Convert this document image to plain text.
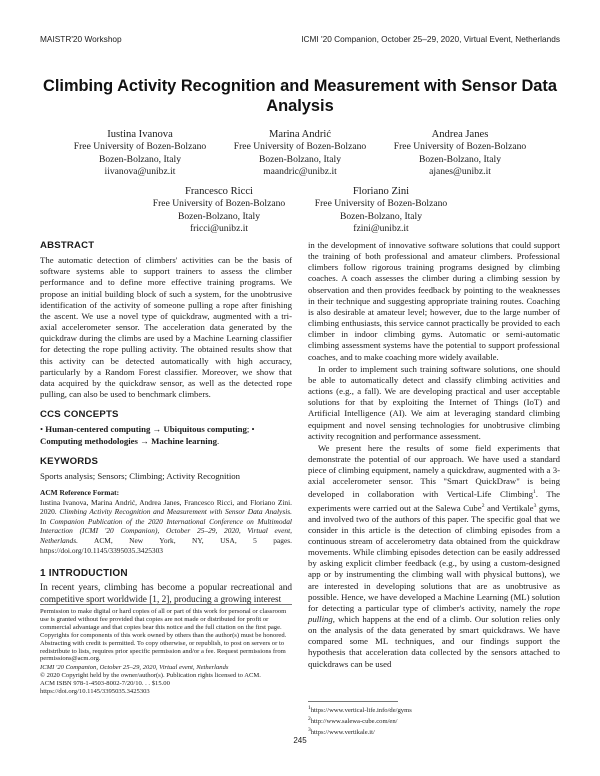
MAISTR'20 Workshop	ICMI '20 Companion, October 25–29, 2020, Virtual Event, Netherlands
Climbing Activity Recognition and Measurement with Sensor Data Analysis
Iustina Ivanova
Free University of Bozen-Bolzano
Bozen-Bolzano, Italy
iivanova@unibz.it
Marina Andrić
Free University of Bozen-Bolzano
Bozen-Bolzano, Italy
maandric@unibz.it
Andrea Janes
Free University of Bozen-Bolzano
Bozen-Bolzano, Italy
ajanes@unibz.it
Francesco Ricci
Free University of Bozen-Bolzano
Bozen-Bolzano, Italy
fricci@unibz.it
Floriano Zini
Free University of Bozen-Bolzano
Bozen-Bolzano, Italy
fzini@unibz.it
ABSTRACT

The automatic detection of climbers' activities can be the basis of software systems able to support trainers to assess the climber performance and to define more effective training programs. We propose an initial building block of such a system, for the unobtrusive identification of the activity of someone pulling a rope after finishing the ascent. We use a novel type of quickdraw, augmented with a tri-axial accelerometer sensor. The acceleration data generated by the quickdraw during the climbs are used by a Machine Learning classifier for detecting the rope pulling activity. The obtained results show that this activity can be detected automatically with high accuracy, particularly by a Random Forest classifier. Moreover, we show that data acquired by the quickdraw sensor, as well as the detected rope pulling, can also be used to benchmark climbers.

CCS CONCEPTS

• Human-centered computing → Ubiquitous computing; • Computing methodologies → Machine learning.

KEYWORDS

Sports analysis; Sensors; Climbing; Activity Recognition

ACM Reference Format:
Iustina Ivanova, Marina Andrić, Andrea Janes, Francesco Ricci, and Floriano Zini. 2020. Climbing Activity Recognition and Measurement with Sensor Data Analysis. In Companion Publication of the 2020 International Conference on Multimodal Interaction (ICMI '20 Companion), October 25–29, 2020, Virtual event, Netherlands. ACM, New York, NY, USA, 5 pages. https://doi.org/10.1145/3395035.3425303
1 INTRODUCTION

In recent years, climbing has become a popular recreational and competitive sport worldwide [1, 2], producing a growing interest

Permission to make digital or hard copies of all or part of this work for personal or classroom use is granted without fee provided that copies are not made or distributed for profit or commercial advantage and that copies bear this notice and the full citation on the first page. Copyrights for components of this work owned by others than the author(s) must be honored. Abstracting with credit is permitted. To copy otherwise, or republish, to post on servers or to redistribute to lists, requires prior specific permission and/or a fee. Request permissions from permissions@acm.org.
ICMI '20 Companion, October 25–29, 2020, Virtual event, Netherlands
© 2020 Copyright held by the owner/author(s). Publication rights licensed to ACM.
ACM ISBN 978-1-4503-8002-7/20/10. . . $15.00
https://doi.org/10.1145/3395035.3425303

in the development of innovative software solutions that could support the training of both professional and amateur climbers. Professional climbers follow rigorous training programs designed by climbing coaches. A coach assesses the climber during a climbing session by observation and then provides feedback by pointing to the weaknesses in their technique and suggesting appropriate training routes. Coaching is also desirable at amateur level; however, due to the large number of climbing enthusiasts, this service cannot practically be provided to each climber in indoor climbing gyms. Automatic or semi-automatic climbing assessment systems have the potential to support professional coaches, and to make coaching more widely available.

In order to implement such training software solutions, one should be able to automatically detect and classify climbing activities and actions (e.g., a fall). We are developing practical and user acceptable solutions for that by exploiting the Internet of Things (IoT) and Artificial Intelligence (AI). We aim at leveraging standard climbing equipment and novel sensing technologies for unobtrusive climbing activity recognition and performance assessment.

We present here the results of some field experiments that demonstrate the potential of our approach. We have used a standard piece of climbing equipment, namely a quickdraw, augmented with a 3-axial accelerometer sensor. This "Smart QuickDraw" is being developed in collaboration with Vertical-Life Climbing$^1$. The experiments were carried out at the Salewa Cube$^2$ and Vertikale$^3$ gyms, and involved two of the authors of this paper. The specific goal that we consider in this article is the detection of climbing episodes from a continuous stream of accelerometry data obtained from the quickdraw movements. While climbing episodes detection can be easily addressed by asking explicit climber feedback (e.g., by using a custom-designed app or by instrumenting the climbing wall with physical buttons), we are interested in developing solutions that are as unobtrusive as possible. Hence, we have developed a Machine Learning (ML) solution for detecting a particular type of climber's activity, namely the rope pulling, which happens at the end of a climb. Our solution relies only on the analysis of the data generated by smart quickdraws. We have compared some ML techniques, and our findings support the hypothesis that acceleration data collected by the sensors attached to quickdraws can be used

$^1$https://www.vertical-life.info/de/gyms
$^2$http://www.salewa-cube.com/en/
$^3$https://www.vertikale.it/
245
